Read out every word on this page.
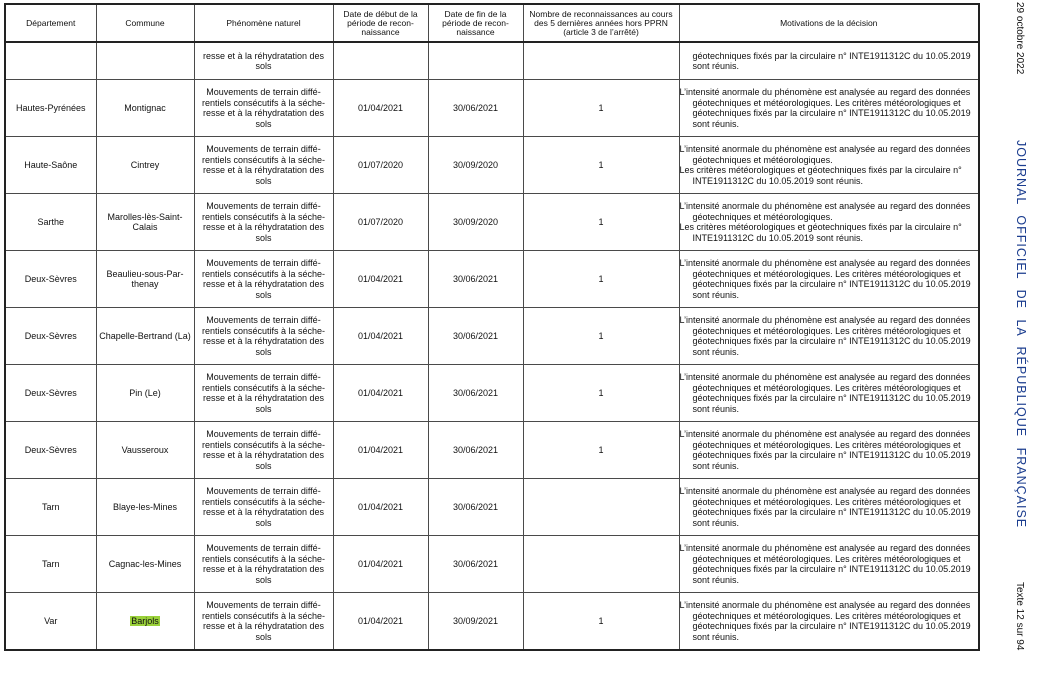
Département	Commune	Phénomène naturel	Date de début de la période de recon-naissance	Date de fin de la période de recon-naissance	Nombre de reconnaissances au cours des 5 dernières années hors PPRN (article 3 de l’arrêté)	Motivations de la décision
		resse et à la réhydratation des sols				géotechniques fixés par la circulaire n° INTE1911312C du 10.05.2019 sont réunis.

Hautes-Pyrénées	Montignac	Mouvements de terrain diffé-rentiels consécutifs à la séche-resse et à la réhydratation des sols	01/04/2021	30/06/2021	1	L’intensité anormale du phénomène est analysée au regard des données géotechniques et météorologiques. Les critères météorologiques et géotechniques fixés par la circulaire n° INTE1911312C du 10.05.2019 sont réunis.

Haute-Saône	Cintrey	Mouvements de terrain diffé-rentiels consécutifs à la séche-resse et à la réhydratation des sols	01/07/2020	30/09/2020	1	L’intensité anormale du phénomène est analysée au regard des données géotechniques et météorologiques.
Les critères météorologiques et géotechniques fixés par la circulaire n° INTE1911312C du 10.05.2019 sont réunis.

Sarthe	Marolles-lès-Saint-Calais	Mouvements de terrain diffé-rentiels consécutifs à la séche-resse et à la réhydratation des sols	01/07/2020	30/09/2020	1	L’intensité anormale du phénomène est analysée au regard des données géotechniques et météorologiques.
Les critères météorologiques et géotechniques fixés par la circulaire n° INTE1911312C du 10.05.2019 sont réunis.

Deux-Sèvres	Beaulieu-sous-Par-thenay	Mouvements de terrain diffé-rentiels consécutifs à la séche-resse et à la réhydratation des sols	01/04/2021	30/06/2021	1	L’intensité anormale du phénomène est analysée au regard des données géotechniques et météorologiques. Les critères météorologiques et géotechniques fixés par la circulaire n° INTE1911312C du 10.05.2019 sont réunis.

Deux-Sèvres	Chapelle-Bertrand (La)	Mouvements de terrain diffé-rentiels consécutifs à la séche-resse et à la réhydratation des sols	01/04/2021	30/06/2021	1	L’intensité anormale du phénomène est analysée au regard des données géotechniques et météorologiques. Les critères météorologiques et géotechniques fixés par la circulaire n° INTE1911312C du 10.05.2019 sont réunis.

Deux-Sèvres	Pin (Le)	Mouvements de terrain diffé-rentiels consécutifs à la séche-resse et à la réhydratation des sols	01/04/2021	30/06/2021	1	L’intensité anormale du phénomène est analysée au regard des données géotechniques et météorologiques. Les critères météorologiques et géotechniques fixés par la circulaire n° INTE1911312C du 10.05.2019 sont réunis.

Deux-Sèvres	Vausseroux	Mouvements de terrain diffé-rentiels consécutifs à la séche-resse et à la réhydratation des sols	01/04/2021	30/06/2021	1	L’intensité anormale du phénomène est analysée au regard des données géotechniques et météorologiques. Les critères météorologiques et géotechniques fixés par la circulaire n° INTE1911312C du 10.05.2019 sont réunis.

Tarn	Blaye-les-Mines	Mouvements de terrain diffé-rentiels consécutifs à la séche-resse et à la réhydratation des sols	01/04/2021	30/06/2021		L’intensité anormale du phénomène est analysée au regard des données géotechniques et météorologiques. Les critères météorologiques et géotechniques fixés par la circulaire n° INTE1911312C du 10.05.2019 sont réunis.

Tarn	Cagnac-les-Mines	Mouvements de terrain diffé-rentiels consécutifs à la séche-resse et à la réhydratation des sols	01/04/2021	30/06/2021		L’intensité anormale du phénomène est analysée au regard des données géotechniques et météorologiques. Les critères météorologiques et géotechniques fixés par la circulaire n° INTE1911312C du 10.05.2019 sont réunis.

Var	Barjols	Mouvements de terrain diffé-rentiels consécutifs à la séche-resse et à la réhydratation des sols	01/04/2021	30/09/2021	1	L’intensité anormale du phénomène est analysée au regard des données géotechniques et météorologiques. Les critères météorologiques et géotechniques fixés par la circulaire n° INTE1911312C du 10.05.2019 sont réunis.
29 octobre 2022
JOURNAL OFFICIEL DE LA RÉPUBLIQUE FRANÇAISE
Texte 12 sur 94
